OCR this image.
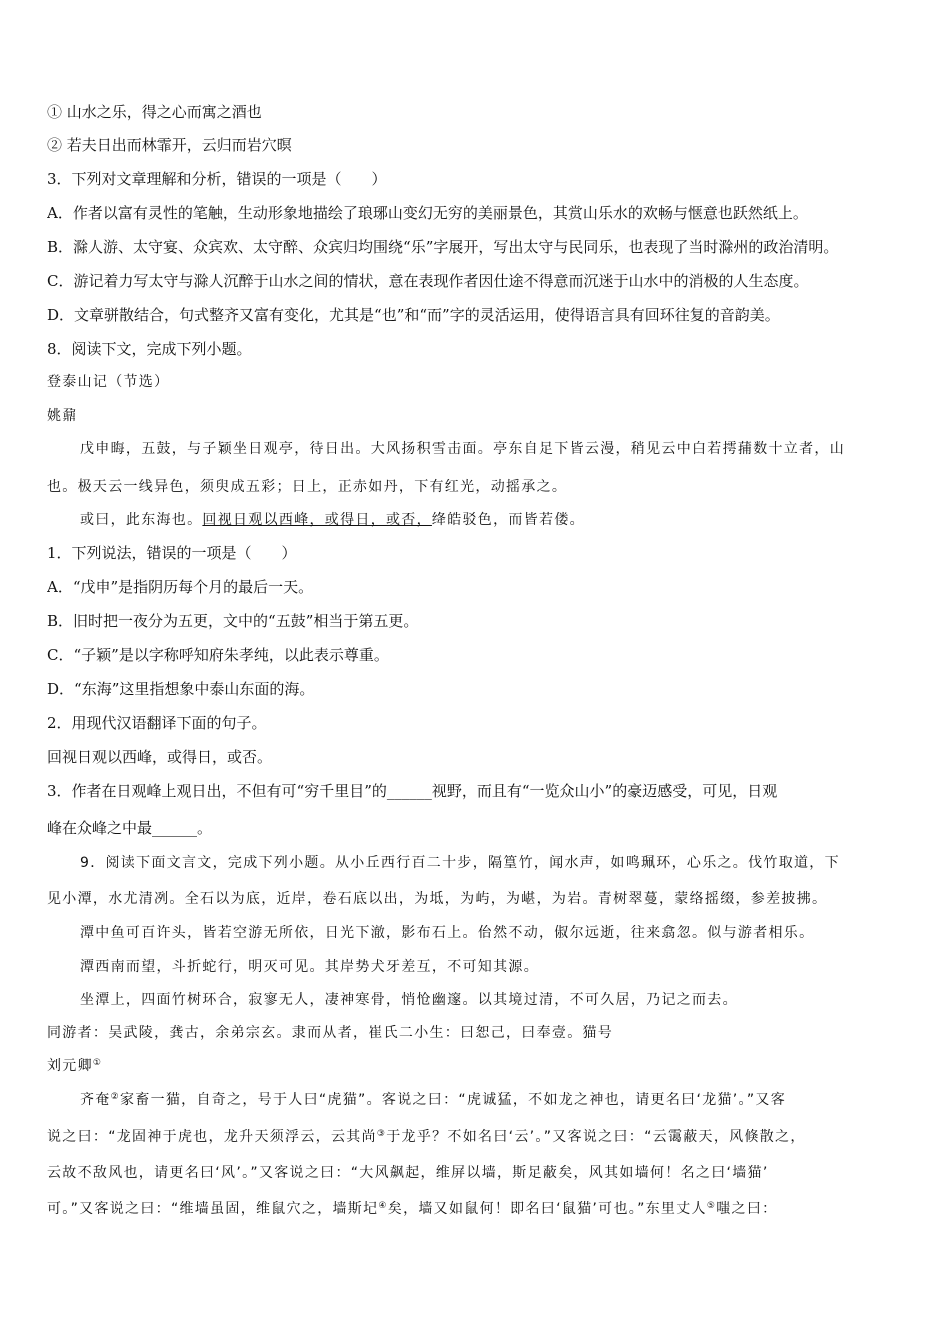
① 山水之乐，得之心而寓之酒也
② 若夫日出而林霏开，云归而岩穴暝
3．下列对文章理解和分析，错误的一项是（　　）
A．作者以富有灵性的笔触，生动形象地描绘了琅琊山变幻无穷的美丽景色，其赏山乐水的欢畅与惬意也跃然纸上。
B．滁人游、太守宴、众宾欢、太守醉、众宾归均围绕“乐”字展开，写出太守与民同乐，也表现了当时滁州的政治清明。
C．游记着力写太守与滁人沉醉于山水之间的情状，意在表现作者因仕途不得意而沉迷于山水中的消极的人生态度。
D．文章骈散结合，句式整齐又富有变化，尤其是“也”和“而”字的灵活运用，使得语言具有回环往复的音韵美。
8．阅读下文，完成下列小题。
登泰山记（节选）
姚鼐
戊申晦，五鼓，与子颖坐日观亭，待日出。大风扬积雪击面。亭东自足下皆云漫，稍见云中白若摴蒱数十立者，山
也。极天云一线异色，须臾成五彩；日上，正赤如丹，下有红光，动摇承之。
或曰，此东海也。回视日观以西峰，或得日，或否，绛皓驳色，而皆若偻。
1．下列说法，错误的一项是（　　）
A．“戊申”是指阴历每个月的最后一天。
B．旧时把一夜分为五更，文中的“五鼓”相当于第五更。
C．“子颖”是以字称呼知府朱孝纯，以此表示尊重。
D．“东海”这里指想象中泰山东面的海。
2．用现代汉语翻译下面的句子。
回视日观以西峰，或得日，或否。
3．作者在日观峰上观日出，不但有可“穷千里目”的______视野，而且有“一览众山小”的豪迈感受，可见，日观
峰在众峰之中最______。
9．阅读下面文言文，完成下列小题。从小丘西行百二十步，隔篁竹，闻水声，如鸣珮环，心乐之。伐竹取道，下
见小潭，水尤清冽。全石以为底，近岸，卷石底以出，为坻，为屿，为嵁，为岩。青树翠蔓，蒙络摇缀，参差披拂。
潭中鱼可百许头，皆若空游无所依，日光下澈，影布石上。佁然不动，俶尔远逝，往来翕忽。似与游者相乐。
潭西南而望，斗折蛇行，明灭可见。其岸势犬牙差互，不可知其源。
坐潭上，四面竹树环合，寂寥无人，凄神寒骨，悄怆幽邃。以其境过清，不可久居，乃记之而去。
同游者：吴武陵，龚古，余弟宗玄。隶而从者，崔氏二小生：曰恕己，曰奉壹。猫号
刘元卿①
齐奄②家畜一猫，自奇之，号于人曰“虎猫”。客说之曰：“虎诚猛，不如龙之神也，请更名曰‘龙猫’。”又客
说之曰：“龙固神于虎也，龙升天须浮云，云其尚③于龙乎？不如名曰‘云’。”又客说之曰：“云霭蔽天，风倏散之，
云故不敌风也，请更名曰‘风’。”又客说之曰：“大风飙起，维屏以墙，斯足蔽矣，风其如墙何！名之曰‘墙猫’
可。”又客说之曰：“维墙虽固，维鼠穴之，墙斯圮④矣，墙又如鼠何！即名曰‘鼠猫’可也。”东里丈人⑤嗤之曰：
